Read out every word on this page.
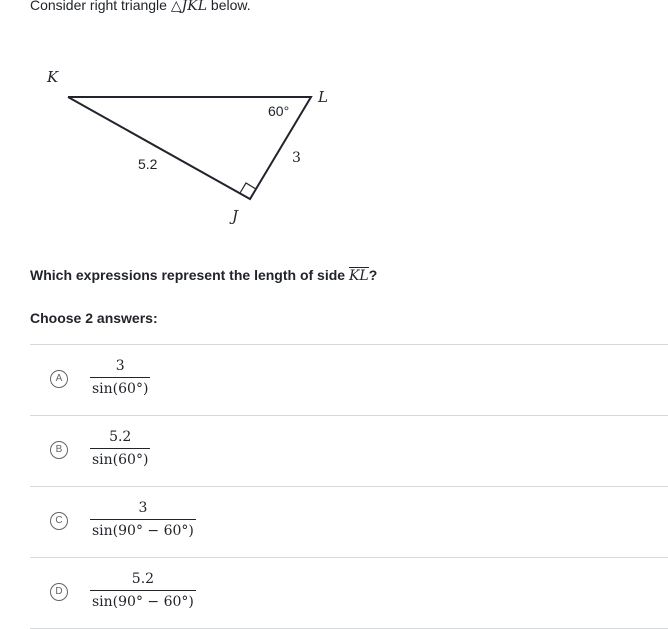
Consider right triangle △JKL below.
K
L
J
60°
5.2	3
Which expressions represent the length of side KL?
Choose 2 answers:
A	$\frac{3}{\sin(60^\circ)}$
B	$\frac{5.2}{\sin(60^\circ)}$
C	$\frac{3}{\sin(90^\circ - 60^\circ)}$
D	$\frac{5.2}{\sin(90^\circ - 60^\circ)}$
